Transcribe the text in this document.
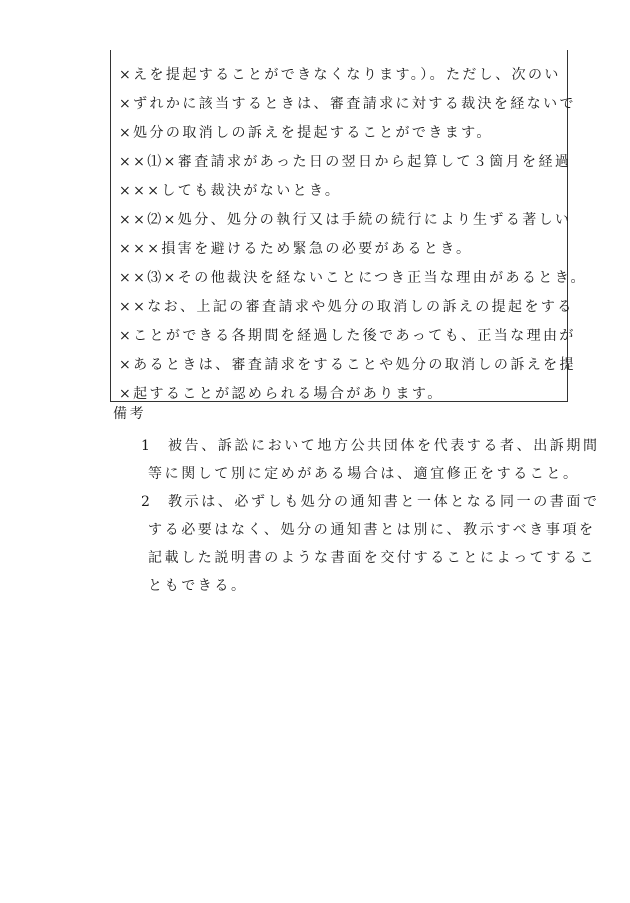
×えを提起することができなくなります。）。ただし、次のい
×ずれかに該当するときは、審査請求に対する裁決を経ないで
×処分の取消しの訴えを提起することができます。
××⑴×審査請求があった日の翌日から起算して３箇月を経過
×××しても裁決がないとき。
××⑵×処分、処分の執行又は手続の続行により生ずる著しい
×××損害を避けるため緊急の必要があるとき。
××⑶×その他裁決を経ないことにつき正当な理由があるとき。
××なお、上記の審査請求や処分の取消しの訴えの提起をする
×ことができる各期間を経過した後であっても、正当な理由が
×あるときは、審査請求をすることや処分の取消しの訴えを提
×起することが認められる場合があります。
備考
1 被告、訴訟において地方公共団体を代表する者、出訴期間
等に関して別に定めがある場合は、適宜修正をすること。
2 教示は、必ずしも処分の通知書と一体となる同一の書面で
する必要はなく、処分の通知書とは別に、教示すべき事項を
記載した説明書のような書面を交付することによってするこ
ともできる。
